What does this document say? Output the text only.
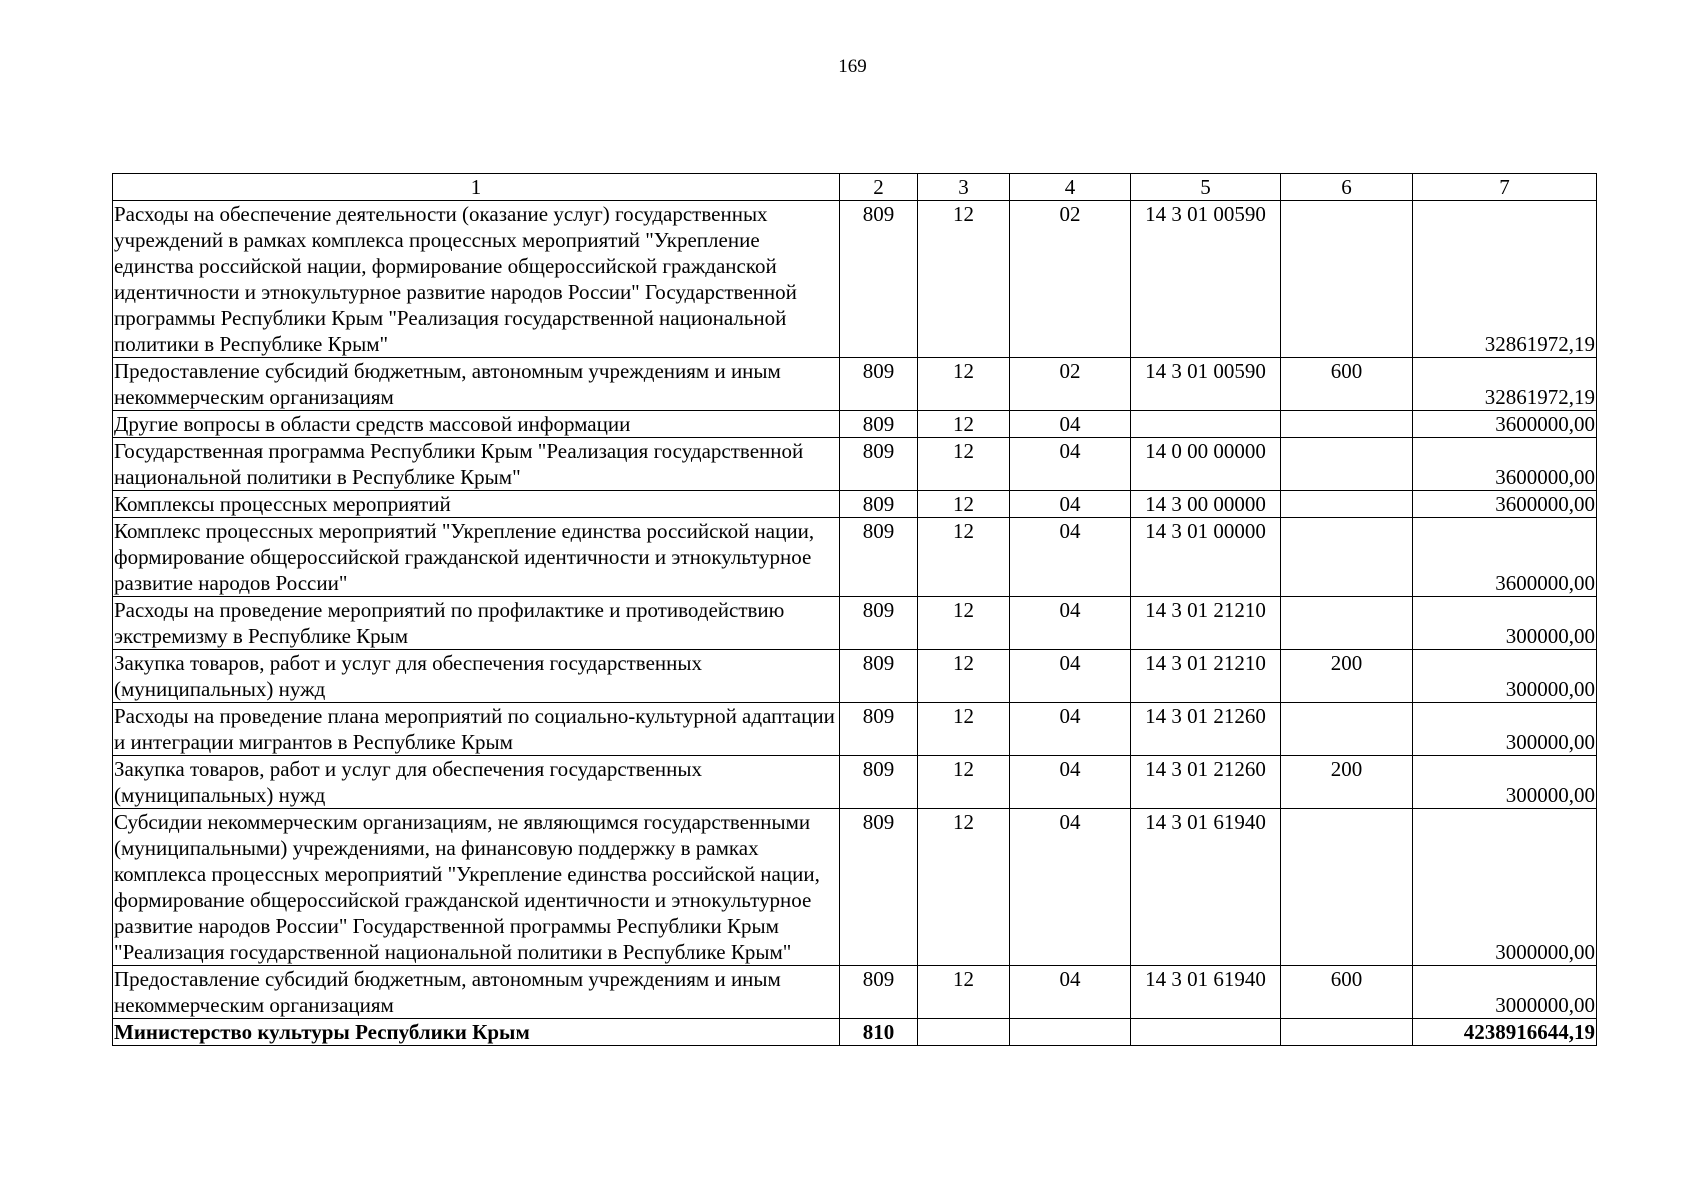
169
1	2	3	4	5	6	7
Расходы на обеспечение деятельности (оказание услуг) государственных учреждений в рамках комплекса процессных мероприятий "Укрепление единства российской нации, формирование общероссийской гражданской идентичности и этнокультурное развитие народов России" Государственной программы Республики Крым "Реализация государственной национальной политики в Республике Крым"	809	12	02	14 3 01 00590		32861972,19
Предоставление субсидий бюджетным, автономным учреждениям и иным некоммерческим организациям	809	12	02	14 3 01 00590	600	32861972,19
Другие вопросы в области средств массовой информации	809	12	04			3600000,00
Государственная программа Республики Крым "Реализация государственной национальной политики в Республике Крым"	809	12	04	14 0 00 00000		3600000,00
Комплексы процессных мероприятий	809	12	04	14 3 00 00000		3600000,00
Комплекс процессных мероприятий "Укрепление единства российской нации, формирование общероссийской гражданской идентичности и этнокультурное развитие народов России"	809	12	04	14 3 01 00000		3600000,00
Расходы на проведение мероприятий по профилактике и противодействию экстремизму в Республике Крым	809	12	04	14 3 01 21210		300000,00
Закупка товаров, работ и услуг для обеспечения государственных (муниципальных) нужд	809	12	04	14 3 01 21210	200	300000,00
Расходы на проведение плана мероприятий по социально-культурной адаптации и интеграции мигрантов в Республике Крым	809	12	04	14 3 01 21260		300000,00
Закупка товаров, работ и услуг для обеспечения государственных (муниципальных) нужд	809	12	04	14 3 01 21260	200	300000,00
Субсидии некоммерческим организациям, не являющимся государственными (муниципальными) учреждениями, на финансовую поддержку в рамках комплекса процессных мероприятий "Укрепление единства российской нации, формирование общероссийской гражданской идентичности и этнокультурное развитие народов России" Государственной программы Республики Крым "Реализация государственной национальной политики в Республике Крым"	809	12	04	14 3 01 61940		3000000,00
Предоставление субсидий бюджетным, автономным учреждениям и иным некоммерческим организациям	809	12	04	14 3 01 61940	600	3000000,00
Министерство культуры Республики Крым	810					4238916644,19
